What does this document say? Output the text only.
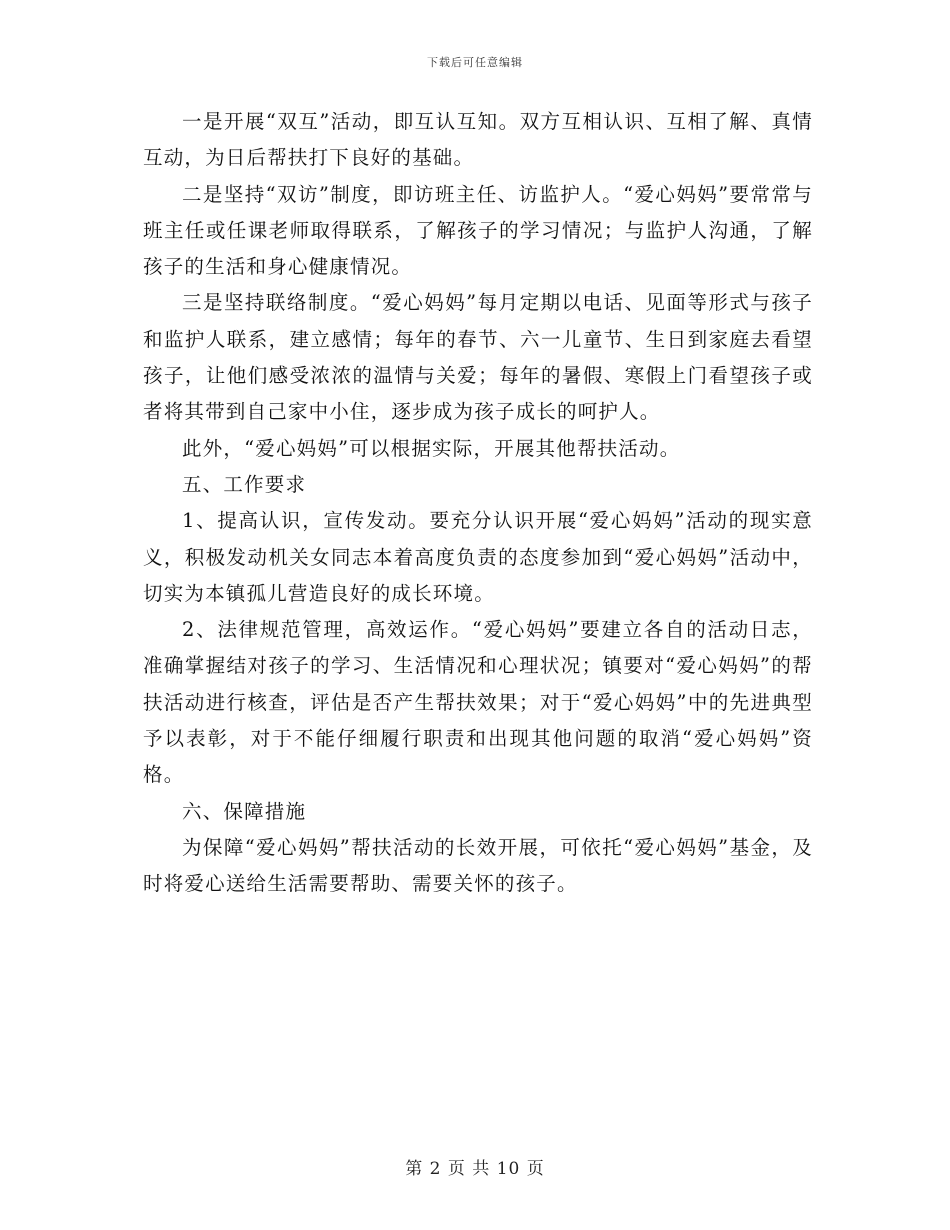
下载后可任意编辑

一是开展“双互”活动，即互认互知。双方互相认识、互相了解、真情互动，为日后帮扶打下良好的基础。

二是坚持“双访”制度，即访班主任、访监护人。“爱心妈妈”要常常与班主任或任课老师取得联系，了解孩子的学习情况；与监护人沟通，了解孩子的生活和身心健康情况。

三是坚持联络制度。“爱心妈妈”每月定期以电话、见面等形式与孩子和监护人联系，建立感情；每年的春节、六一儿童节、生日到家庭去看望孩子，让他们感受浓浓的温情与关爱；每年的暑假、寒假上门看望孩子或者将其带到自己家中小住，逐步成为孩子成长的呵护人。

此外，“爱心妈妈”可以根据实际，开展其他帮扶活动。

五、工作要求

1、提高认识，宣传发动。要充分认识开展“爱心妈妈”活动的现实意义，积极发动机关女同志本着高度负责的态度参加到“爱心妈妈”活动中，切实为本镇孤儿营造良好的成长环境。

2、法律规范管理，高效运作。“爱心妈妈”要建立各自的活动日志，准确掌握结对孩子的学习、生活情况和心理状况；镇要对“爱心妈妈”的帮扶活动进行核查，评估是否产生帮扶效果；对于“爱心妈妈”中的先进典型予以表彰，对于不能仔细履行职责和出现其他问题的取消“爱心妈妈”资格。

六、保障措施

为保障“爱心妈妈”帮扶活动的长效开展，可依托“爱心妈妈”基金，及时将爱心送给生活需要帮助、需要关怀的孩子。

第 2 页 共 10 页
